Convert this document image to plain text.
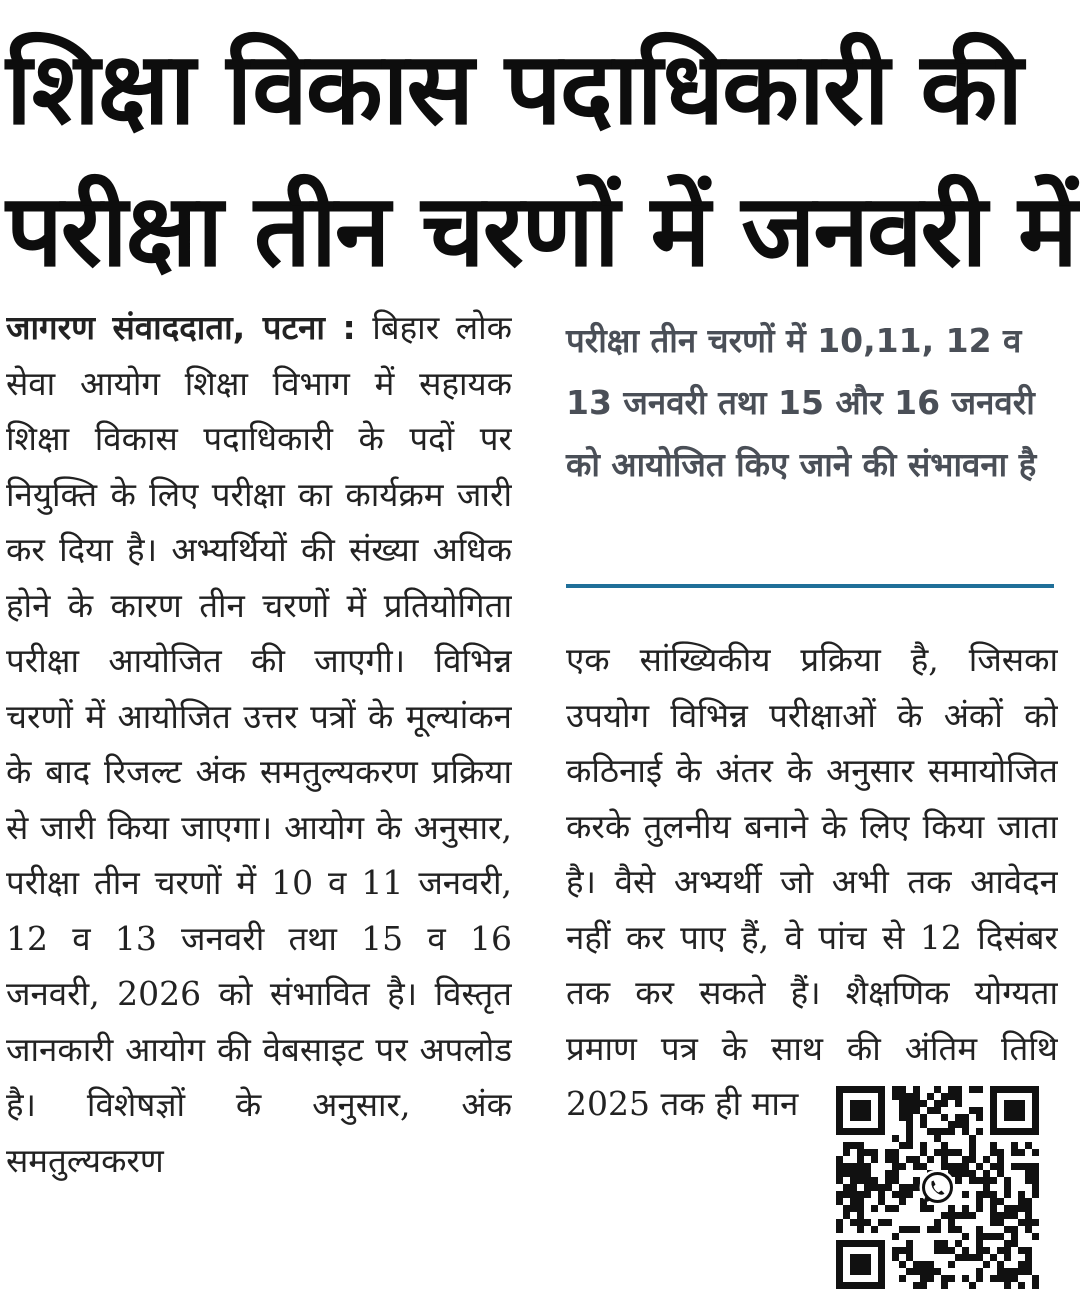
शिक्षा विकास पदाधिकारी की
परीक्षा तीन चरणों में जनवरी में

जागरण संवाददाता, पटना : बिहार लोक सेवा आयोग शिक्षा विभाग में सहायक शिक्षा विकास पदाधिकारी के पदों पर नियुक्ति के लिए परीक्षा का कार्यक्रम जारी कर दिया है। अभ्यर्थियों की संख्या अधिक होने के कारण तीन चरणों में प्रतियोगिता परीक्षा आयोजित की जाएगी। विभिन्न चरणों में आयोजित उत्तर पत्रों के मूल्यांकन के बाद रिजल्ट अंक समतुल्यकरण प्रक्रिया से जारी किया जाएगा। आयोग के अनुसार, परीक्षा तीन चरणों में 10 व 11 जनवरी, 12 व 13 जनवरी तथा 15 व 16 जनवरी, 2026 को संभावित है। विस्तृत जानकारी आयोग की वेबसाइट पर अपलोड है। विशेषज्ञों के अनुसार, अंक समतुल्यकरण

परीक्षा तीन चरणों में 10,11, 12 व 13 जनवरी तथा 15 और 16 जनवरी को आयोजित किए जाने की संभावना है

एक सांख्यिकीय प्रक्रिया है, जिसका उपयोग विभिन्न परीक्षाओं के अंकों को कठिनाई के अंतर के अनुसार समायोजित करके तुलनीय बनाने के लिए किया जाता है। वैसे अभ्यर्थी जो अभी तक आवेदन नहीं कर पाए हैं, वे पांच से 12 दिसंबर तक कर सकते हैं। शैक्षणिक योग्यता प्रमाण पत्र के साथ की अंतिम तिथि 2025 तक ही मान
